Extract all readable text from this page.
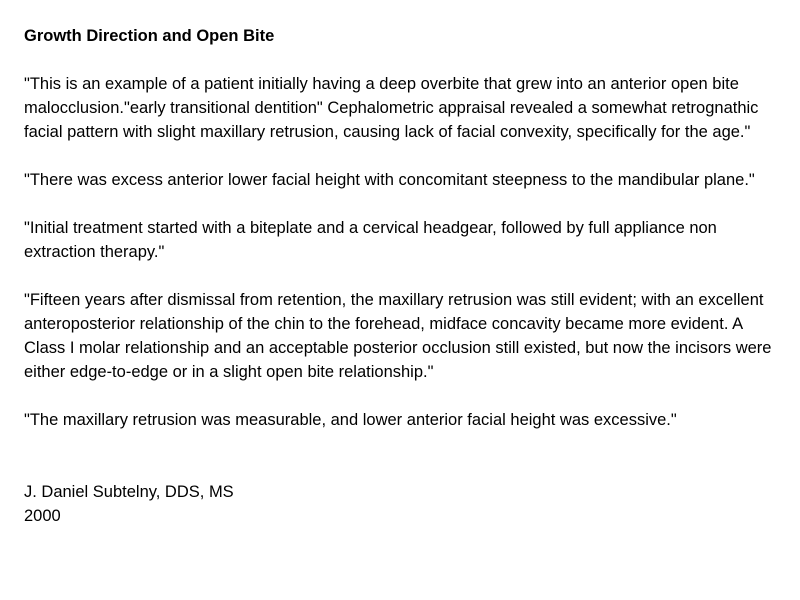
Growth Direction and Open Bite
"This is an example of a patient initially having a deep overbite that grew into an anterior open bite malocclusion."early transitional dentition" Cephalometric appraisal revealed a somewhat retrognathic facial pattern with slight maxillary retrusion, causing lack of facial convexity, specifically for the age."
"There was excess anterior lower facial height with concomitant steepness to the mandibular plane."
"Initial treatment started with a biteplate and a cervical headgear, followed by full appliance non extraction therapy."
"Fifteen years after dismissal from retention, the maxillary retrusion was still evident; with an excellent anteroposterior relationship of the chin to the forehead, midface concavity became more evident. A Class I molar relationship and an acceptable posterior occlusion still existed, but now the incisors were either edge-to-edge or in a slight open bite relationship."
"The maxillary retrusion was measurable, and lower anterior facial height was excessive."
J. Daniel Subtelny, DDS, MS
2000
